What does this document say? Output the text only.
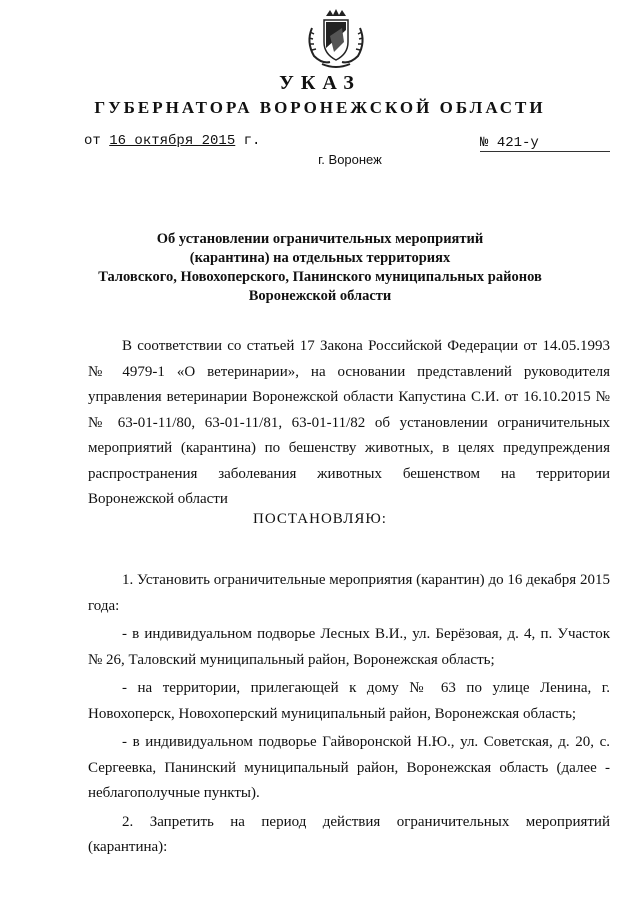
УКАЗ
ГУБЕРНАТОРА ВОРОНЕЖСКОЙ ОБЛАСТИ
от 16 октября 2015 г.	№ 421-у
г. Воронеж
Об установлении ограничительных мероприятий
(карантина) на отдельных территориях
Таловского, Новохоперского, Панинского муниципальных районов
Воронежской области

В соответствии со статьей 17 Закона Российской Федерации от 14.05.1993 № 4979-1 «О ветеринарии», на основании представлений руководителя управления ветеринарии Воронежской области Капустина С.И. от 16.10.2015 №№ 63-01-11/80, 63-01-11/81, 63-01-11/82 об установлении ограничительных мероприятий (карантина) по бешенству животных, в целях предупреждения распространения заболевания животных бешенством на территории Воронежской области

ПОСТАНОВЛЯЮ:

1. Установить ограничительные мероприятия (карантин) до 16 декабря 2015 года:

- в индивидуальном подворье Лесных В.И., ул. Берёзовая, д. 4, п. Участок № 26, Таловский муниципальный район, Воронежская область;

- на территории, прилегающей к дому № 63 по улице Ленина, г. Новохоперск, Новохоперский муниципальный район, Воронежская область;

- в индивидуальном подворье Гайворонской Н.Ю., ул. Советская, д. 20, с. Сергеевка, Панинский муниципальный район, Воронежская область (далее - неблагополучные пункты).

2. Запретить на период действия ограничительных мероприятий (карантина):
